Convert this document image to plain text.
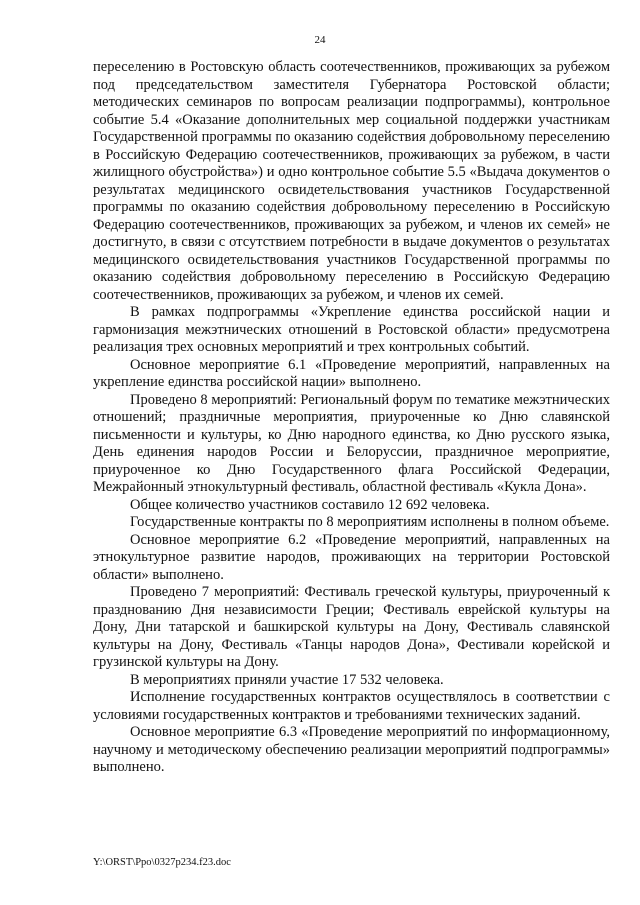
24

переселению в Ростовскую область соотечественников, проживающих за рубежом под председательством заместителя Губернатора Ростовской области; методических семинаров по вопросам реализации подпрограммы), контрольное событие 5.4 «Оказание дополнительных мер социальной поддержки участникам Государственной программы по оказанию содействия добровольному переселению в Российскую Федерацию соотечественников, проживающих за рубежом, в части жилищного обустройства») и одно контрольное событие 5.5 «Выдача документов о результатах медицинского освидетельствования участников Государственной программы по оказанию содействия добровольному переселению в Российскую Федерацию соотечественников, проживающих за рубежом, и членов их семей» не достигнуто, в связи с отсутствием потребности в выдаче документов о результатах медицинского освидетельствования участников Государственной программы по оказанию содействия добровольному переселению в Российскую Федерацию соотечественников, проживающих за рубежом, и членов их семей.

В рамках подпрограммы «Укрепление единства российской нации и гармонизация межэтнических отношений в Ростовской области» предусмотрена реализация трех основных мероприятий и трех контрольных событий.

Основное мероприятие 6.1 «Проведение мероприятий, направленных на укрепление единства российской нации» выполнено.

Проведено 8 мероприятий: Региональный форум по тематике межэтнических отношений; праздничные мероприятия, приуроченные ко Дню славянской письменности и культуры, ко Дню народного единства, ко Дню русского языка, День единения народов России и Белоруссии, праздничное мероприятие, приуроченное ко Дню Государственного флага Российской Федерации, Межрайонный этнокультурный фестиваль, областной фестиваль «Кукла Дона».

Общее количество участников составило 12 692 человека.

Государственные контракты по 8 мероприятиям исполнены в полном объеме.

Основное мероприятие 6.2 «Проведение мероприятий, направленных на этнокультурное развитие народов, проживающих на территории Ростовской области» выполнено.

Проведено 7 мероприятий: Фестиваль греческой культуры, приуроченный к празднованию Дня независимости Греции; Фестиваль еврейской культуры на Дону, Дни татарской и башкирской культуры на Дону, Фестиваль славянской культуры на Дону, Фестиваль «Танцы народов Дона», Фестивали корейской и грузинской культуры на Дону.

В мероприятиях приняли участие 17 532 человека.

Исполнение государственных контрактов осуществлялось в соответствии с условиями государственных контрактов и требованиями технических заданий.

Основное мероприятие 6.3 «Проведение мероприятий по информационному, научному и методическому обеспечению реализации мероприятий подпрограммы» выполнено.

Y:\ORST\Ppo\0327p234.f23.doc
